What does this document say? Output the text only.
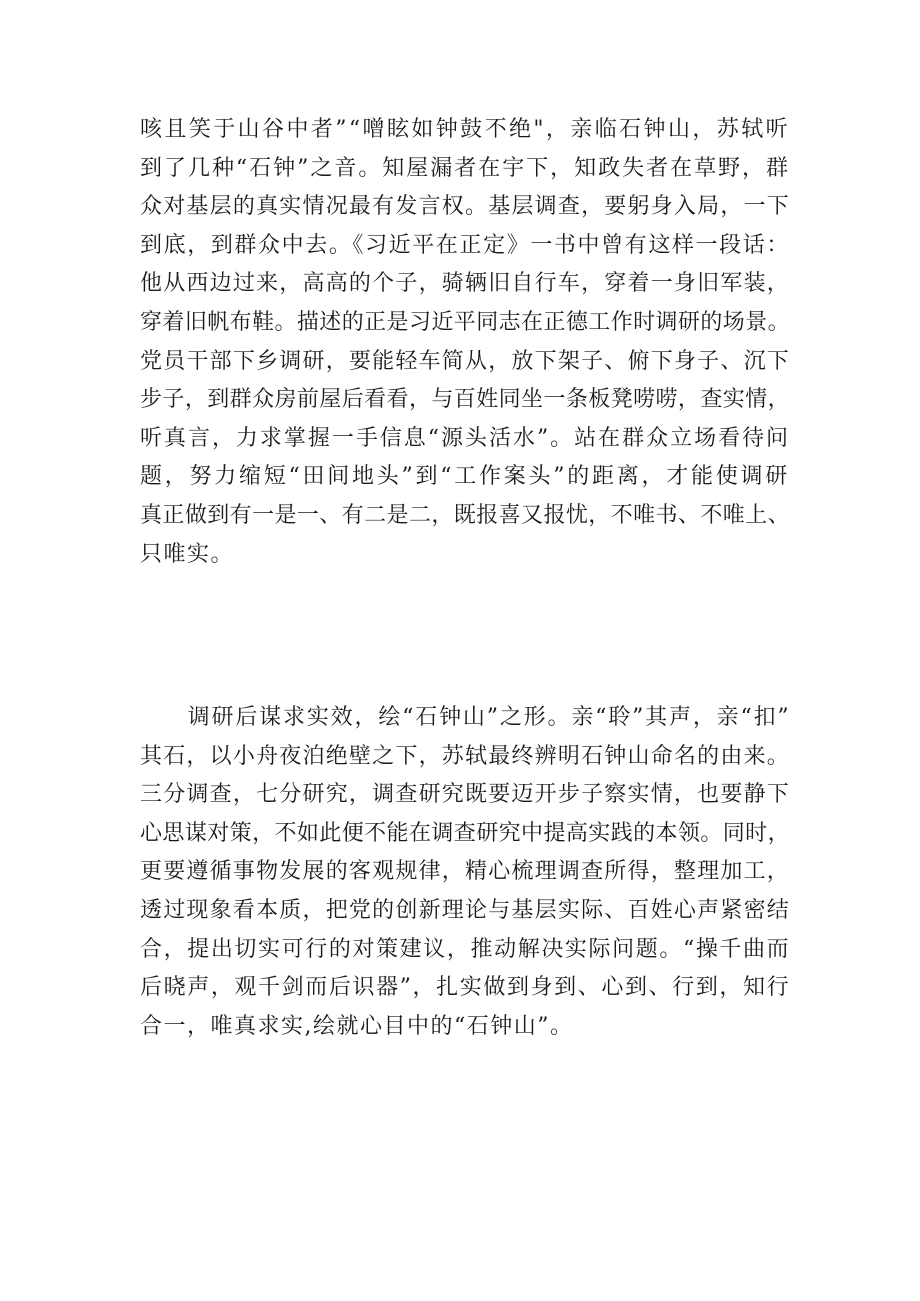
咳且笑于山谷中者”“噌眩如钟鼓不绝"，亲临石钟山，苏轼听
到了几种“石钟”之音。知屋漏者在宇下，知政失者在草野，群
众对基层的真实情况最有发言权。基层调查，要躬身入局，一下
到底，到群众中去。《习近平在正定》一书中曾有这样一段话：
他从西边过来，高高的个子，骑辆旧自行车，穿着一身旧军装，
穿着旧帆布鞋。描述的正是习近平同志在正德工作时调研的场景。
党员干部下乡调研，要能轻车简从，放下架子、俯下身子、沉下
步子，到群众房前屋后看看，与百姓同坐一条板凳唠唠，查实情，
听真言，力求掌握一手信息“源头活水”。站在群众立场看待问
题，努力缩短“田间地头”到“工作案头”的距离，才能使调研
真正做到有一是一、有二是二，既报喜又报忧，不唯书、不唯上、
只唯实。
　　调研后谋求实效，绘“石钟山”之形。亲“聆”其声，亲“扣”
其石，以小舟夜泊绝壁之下，苏轼最终辨明石钟山命名的由来。
三分调查，七分研究，调查研究既要迈开步子察实情，也要静下
心思谋对策，不如此便不能在调查研究中提高实践的本领。同时，
更要遵循事物发展的客观规律，精心梳理调查所得，整理加工，
透过现象看本质，把党的创新理论与基层实际、百姓心声紧密结
合，提出切实可行的对策建议，推动解决实际问题。“操千曲而
后晓声，观千剑而后识器”，扎实做到身到、心到、行到，知行
合一，唯真求实,绘就心目中的“石钟山”。
